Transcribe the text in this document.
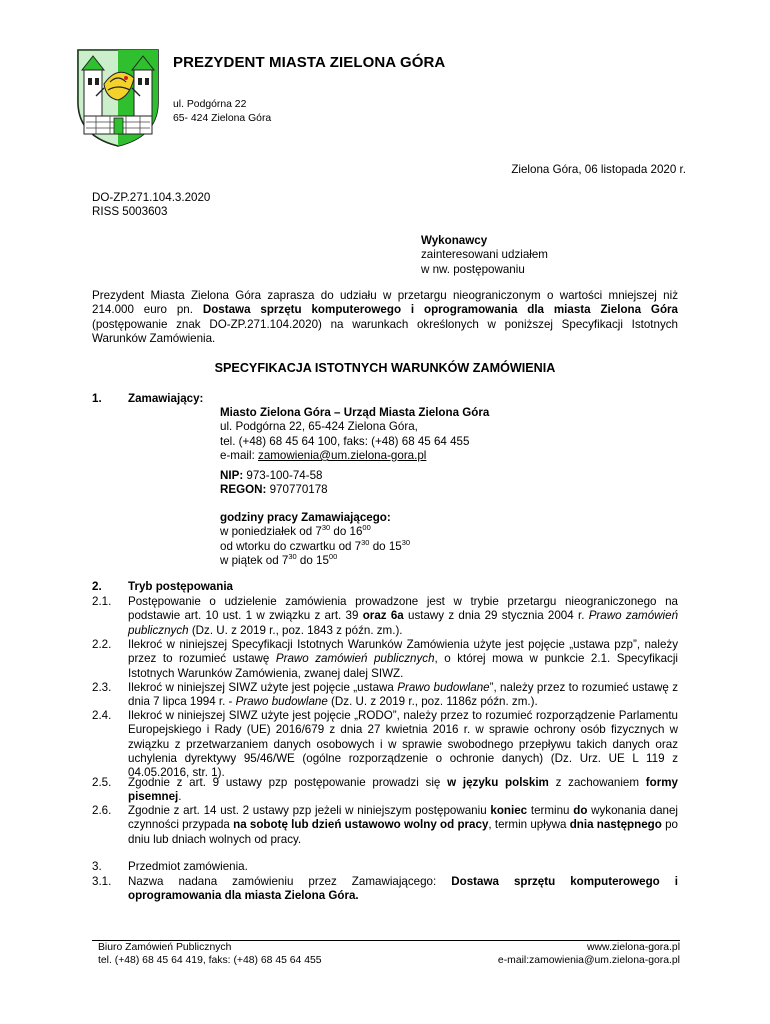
PREZYDENT MIASTA ZIELONA GÓRA
ul. Podgórna 22
65- 424 Zielona Góra
Zielona Góra, 06 listopada 2020 r.
DO-ZP.271.104.3.2020
RISS 5003603
Wykonawcy
zainteresowani udziałem
w nw. postępowaniu
Prezydent Miasta Zielona Góra zaprasza do udziału w przetargu nieograniczonym o wartości mniejszej niż 214.000 euro pn. Dostawa sprzętu komputerowego i oprogramowania dla miasta Zielona Góra (postępowanie znak DO-ZP.271.104.2020) na warunkach określonych w poniższej Specyfikacji Istotnych Warunków Zamówienia.
SPECYFIKACJA ISTOTNYCH WARUNKÓW ZAMÓWIENIA
1.	Zamawiający:
Miasto Zielona Góra – Urząd Miasta Zielona Góra
ul. Podgórna 22, 65-424 Zielona Góra,
tel. (+48) 68 45 64 100, faks: (+48) 68 45 64 455
e-mail: zamowienia@um.zielona-gora.pl
NIP: 973-100-74-58
REGON: 970770178
godziny pracy Zamawiającego:
w poniedziałek od $7^{30}$ do $16^{00}$
od wtorku do czwartku od $7^{30}$ do $15^{30}$
w piątek od $7^{30}$ do $15^{00}$
2.	Tryb postępowania
2.1.	Postępowanie o udzielenie zamówienia prowadzone jest w trybie przetargu nieograniczonego na podstawie art. 10 ust. 1 w związku z art. 39 oraz 6a ustawy z dnia 29 stycznia 2004 r. Prawo zamówień publicznych (Dz. U. z 2019 r., poz. 1843 z późn. zm.).
2.2.	Ilekroć w niniejszej Specyfikacji Istotnych Warunków Zamówienia użyte jest pojęcie „ustawa pzp”, należy przez to rozumieć ustawę Prawo zamówień publicznych, o której mowa w punkcie 2.1. Specyfikacji Istotnych Warunków Zamówienia, zwanej dalej SIWZ.
2.3.	Ilekroć w niniejszej SIWZ użyte jest pojęcie „ustawa Prawo budowlane”, należy przez to rozumieć ustawę z dnia 7 lipca 1994 r. - Prawo budowlane (Dz. U. z 2019 r., poz. 1186z późn. zm.).
2.4.	Ilekroć w niniejszej SIWZ użyte jest pojęcie „RODO”, należy przez to rozumieć rozporządzenie Parlamentu Europejskiego i Rady (UE) 2016/679 z dnia 27 kwietnia 2016 r. w sprawie ochrony osób fizycznych w związku z przetwarzaniem danych osobowych i w sprawie swobodnego przepływu takich danych oraz uchylenia dyrektywy 95/46/WE (ogólne rozporządzenie o ochronie danych) (Dz. Urz. UE L 119 z 04.05.2016, str. 1).
2.5.	Zgodnie z art. 9 ustawy pzp postępowanie prowadzi się w języku polskim z zachowaniem formy pisemnej.
2.6.	Zgodnie z art. 14 ust. 2 ustawy pzp jeżeli w niniejszym postępowaniu koniec terminu do wykonania danej czynności przypada na sobotę lub dzień ustawowo wolny od pracy, termin upływa dnia następnego po dniu lub dniach wolnych od pracy.
3.	Przedmiot zamówienia.
3.1.	Nazwa nadana zamówieniu przez Zamawiającego: Dostawa sprzętu komputerowego i oprogramowania dla miasta Zielona Góra.
Biuro Zamówień Publicznych
tel. (+48) 68 45 64 419, faks: (+48) 68 45 64 455
www.zielona-gora.pl
e-mail:zamowienia@um.zielona-gora.pl
